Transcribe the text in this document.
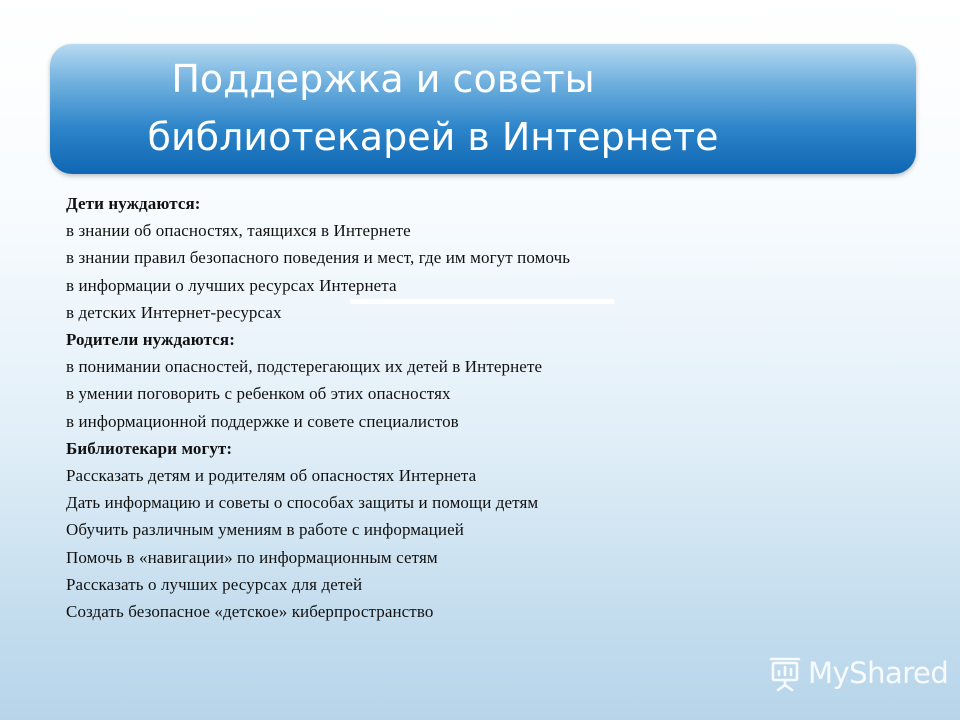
Поддержка и советы
библиотекарей в Интернете
Дети нуждаются:
в знании об опасностях, таящихся в Интернете
в знании правил безопасного поведения и мест, где им могут помочь
в информации о лучших ресурсах Интернета
в детских Интернет-ресурсах
Родители нуждаются:
в понимании опасностей, подстерегающих их детей в Интернете
в умении поговорить с ребенком об этих опасностях
в информационной поддержке и совете специалистов
Библиотекари могут:
Рассказать детям и родителям об опасностях Интернета
Дать информацию и советы о способах защиты и помощи детям
Обучить различным умениям в работе с информацией
Помочь в «навигации» по информационным сетям
Рассказать о лучших ресурсах для детей
Создать безопасное «детское» киберпространство
MyShared
